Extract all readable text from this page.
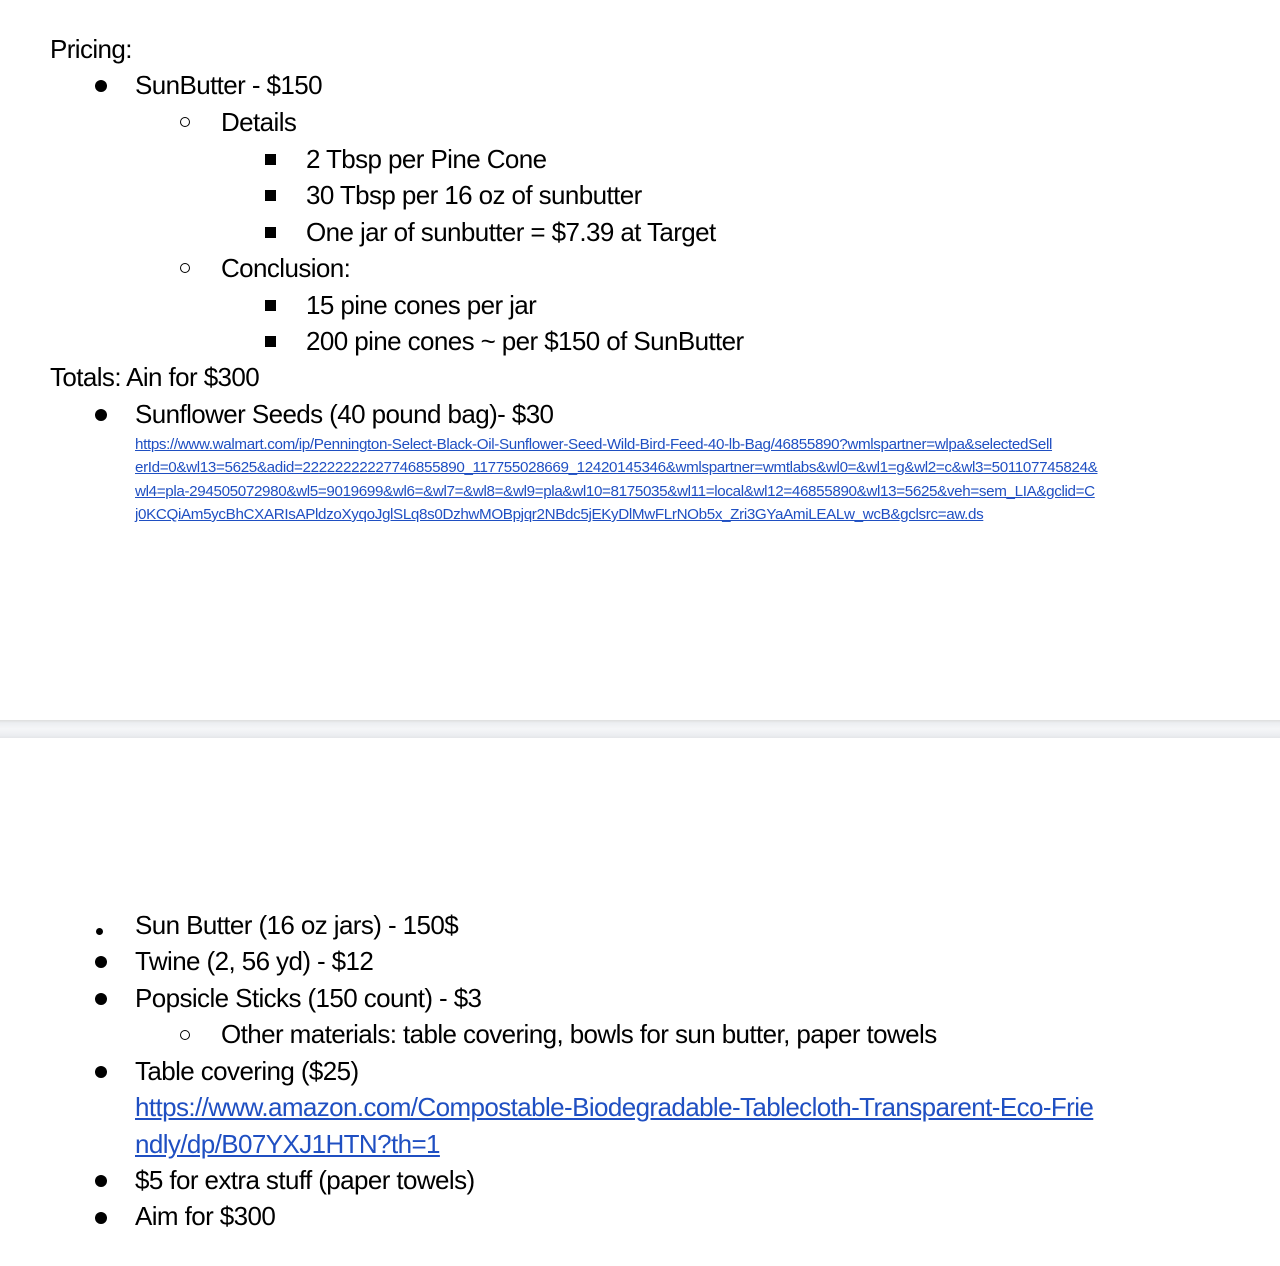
Pricing:
SunButter - $150
Details
2 Tbsp per Pine Cone
30 Tbsp per 16 oz of sunbutter
One jar of sunbutter = $7.39 at Target
Conclusion:
15 pine cones per jar
200 pine cones ~ per $150 of SunButter
Totals: Ain for $300
Sunflower Seeds (40 pound bag)- $30
https://www.walmart.com/ip/Pennington-Select-Black-Oil-Sunflower-Seed-Wild-Bird-Feed-40-lb-Bag/46855890?wmlspartner=wlpa&selectedSell
erId=0&wl13=5625&adid=22222222227746855890_117755028669_12420145346&wmlspartner=wmtlabs&wl0=&wl1=g&wl2=c&wl3=501107745824&
wl4=pla-294505072980&wl5=9019699&wl6=&wl7=&wl8=&wl9=pla&wl10=8175035&wl11=local&wl12=46855890&wl13=5625&veh=sem_LIA&gclid=C
j0KCQiAm5ycBhCXARIsAPldzoXyqoJglSLq8s0DzhwMOBpjqr2NBdc5jEKyDlMwFLrNOb5x_Zri3GYaAmiLEALw_wcB&gclsrc=aw.ds
Sun Butter (16 oz jars) - 150$
Twine (2, 56 yd) - $12
Popsicle Sticks (150 count) - $3
Other materials: table covering, bowls for sun butter, paper towels
Table covering ($25)
https://www.amazon.com/Compostable-Biodegradable-Tablecloth-Transparent-Eco-Frie
ndly/dp/B07YXJ1HTN?th=1
$5 for extra stuff (paper towels)
Aim for $300
